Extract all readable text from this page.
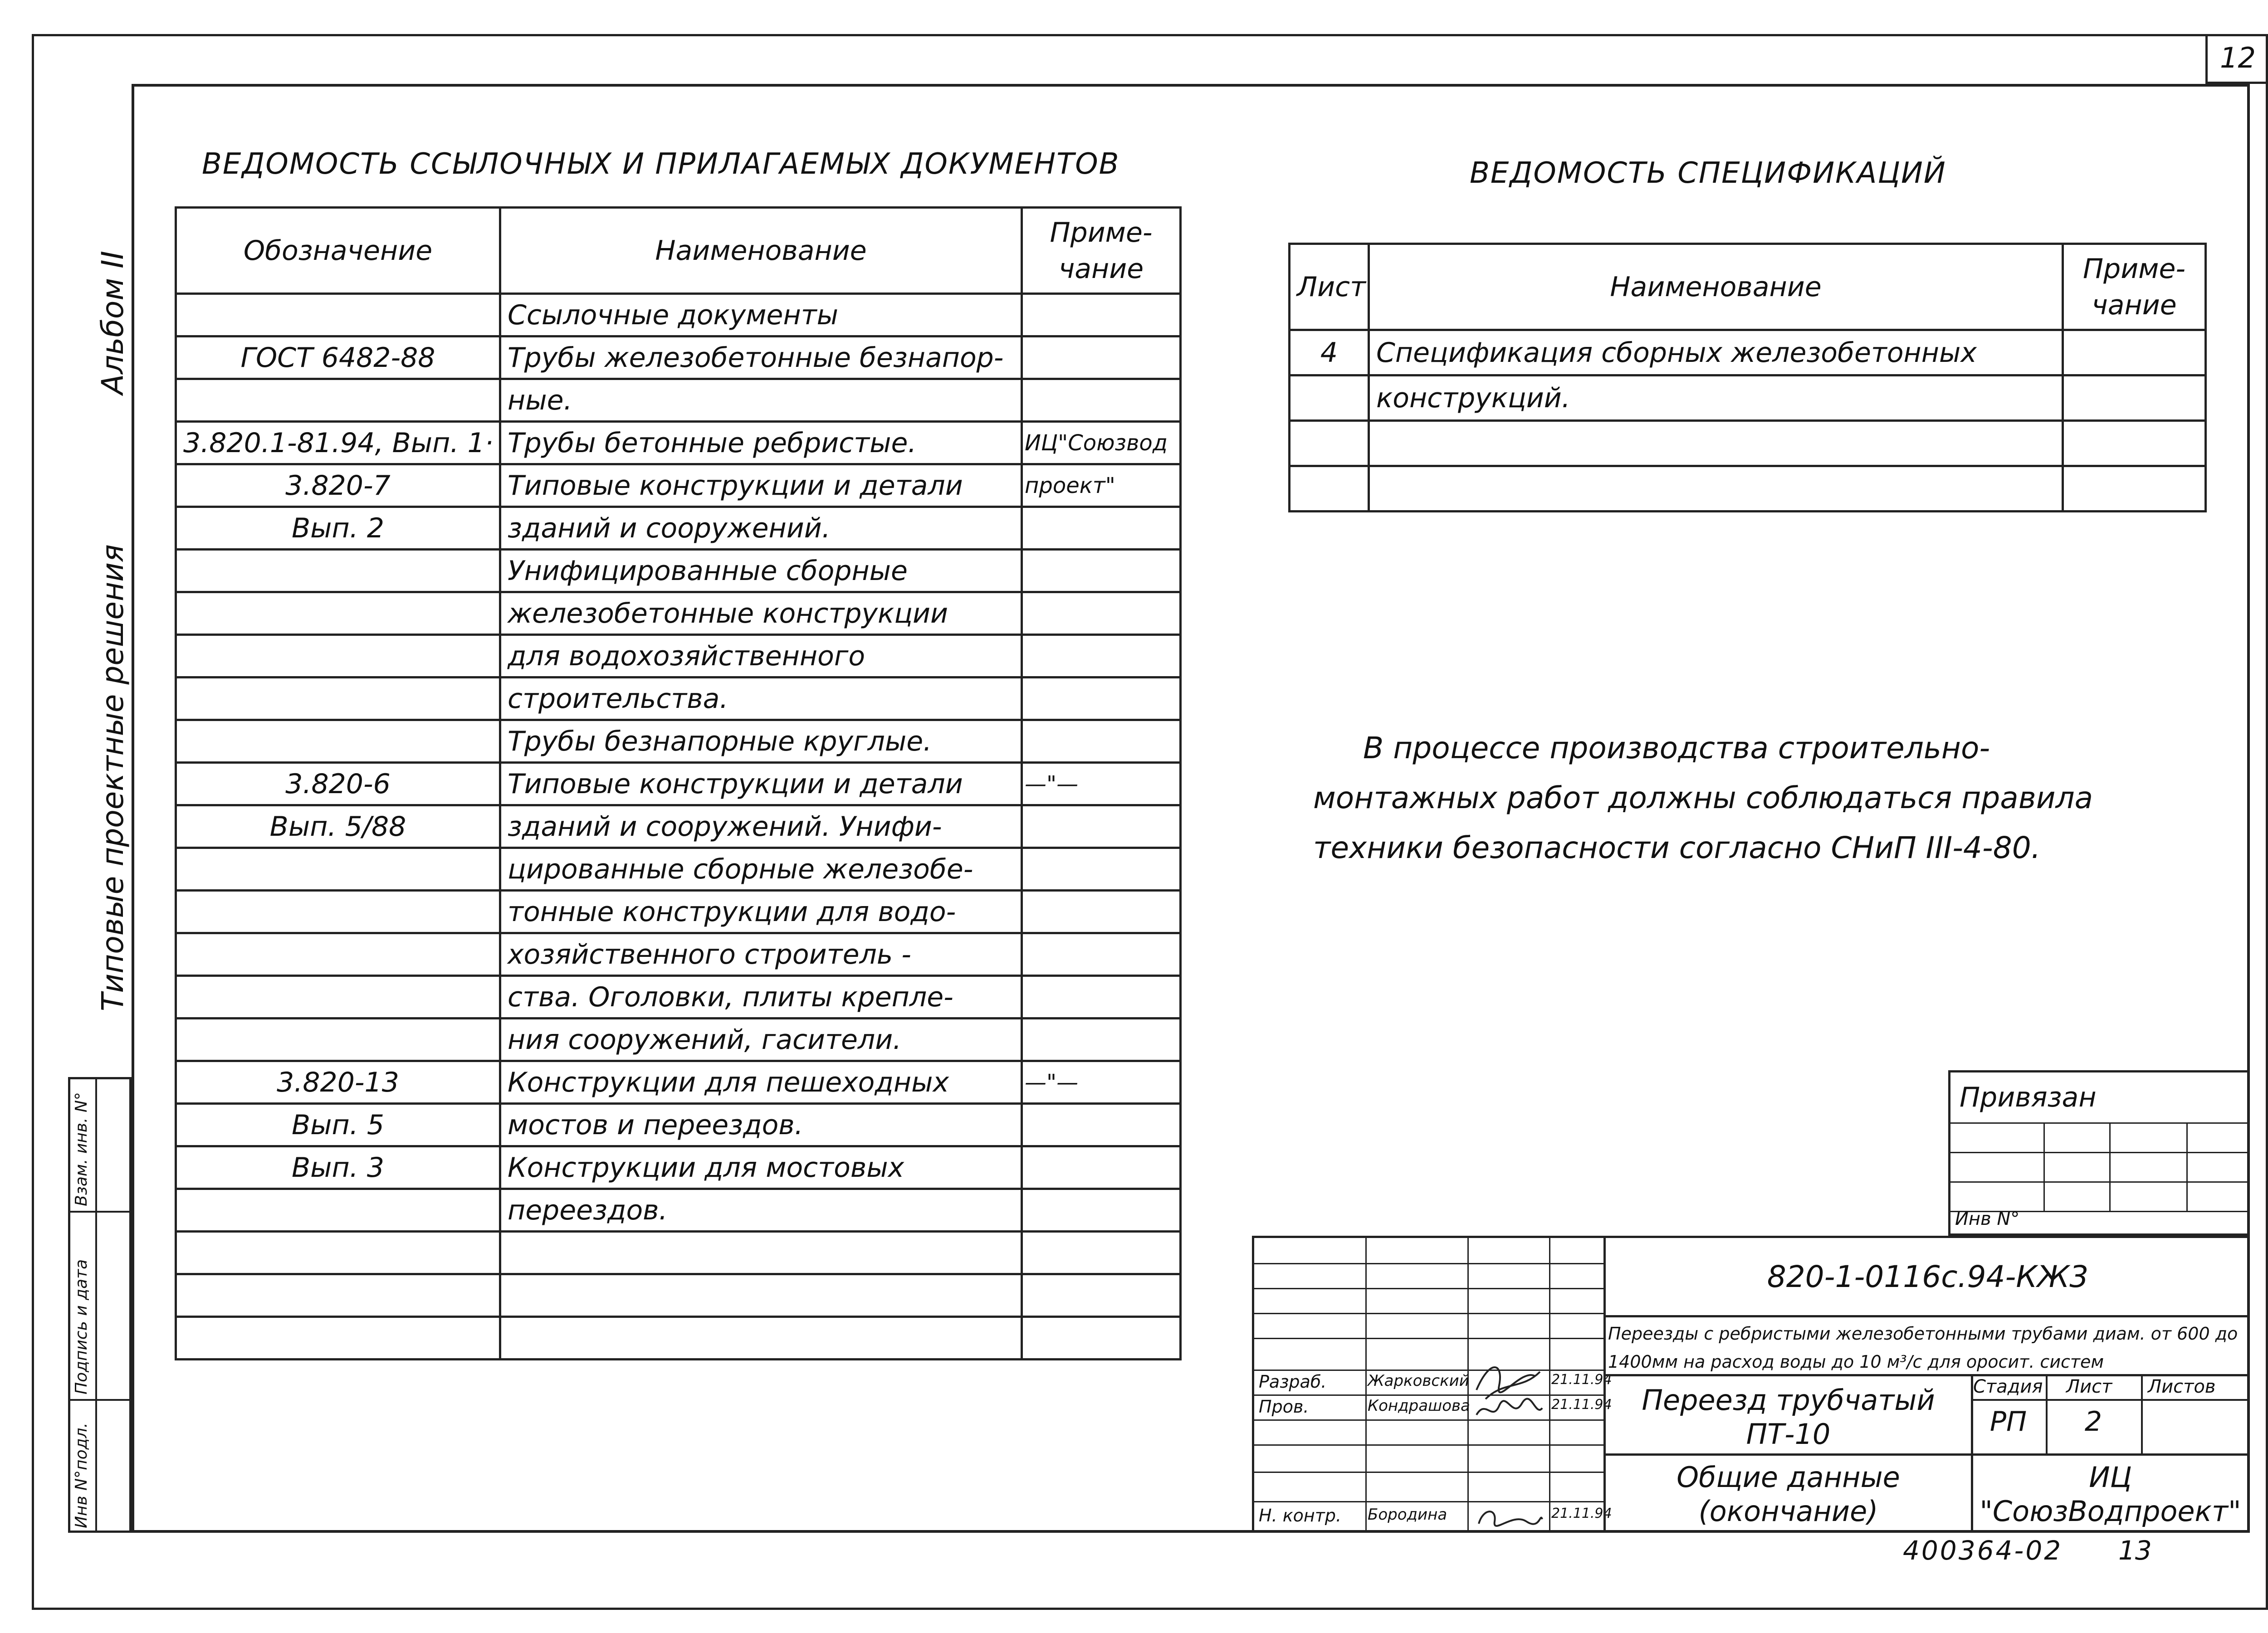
12
Типовые проектные решения
Альбом II
Взам. инв. N°
Подпись и дата
Инв N°подл.
ВЕДОМОСТЬ ССЫЛОЧНЫХ И ПРИЛАГАЕМЫХ ДОКУМЕНТОВ
Обозначение	Наименование	Приме-
чание
	Ссылочные документы	
ГОСТ 6482-88	Трубы железобетонные безнапор-	
	ные.	
3.820.1-81.94, Вып. 1·	Трубы бетонные ребристые.	ИЦ"Союзвод
3.820-7	Типовые конструкции и детали	проект"
Вып. 2	зданий и сооружений.	
	Унифицированные сборные	
	железобетонные конструкции	
	для водохозяйственного	
	строительства.	
	Трубы безнапорные круглые.	
3.820-6	Типовые конструкции и детали	—"—
Вып. 5/88	зданий и сооружений. Унифи-	
	цированные сборные железобе-	
	тонные конструкции для водо-	
	хозяйственного строитель -	
	ства. Оголовки, плиты крепле-	
	ния сооружений, гасители.	
3.820-13	Конструкции для пешеходных	—"—
Вып. 5	мостов и переездов.	
Вып. 3	Конструкции для мостовых	
	переездов.	

ВЕДОМОСТЬ СПЕЦИФИКАЦИЙ
Лист	Наименование	Приме-
чание
4	Спецификация сборных железобетонных	
	конструкций.	

В процессе производства строительно-
монтажных работ должны соблюдаться правила
техники безопасности согласно СНиП III-4-80.
Привязан
Инв N°
Разраб.	Жарковский	21.11.94
Пров.	Кондрашова	21.11.94
Н. контр. Бородина	21.11.94
820-1-0116с.94-КЖ3
Переезды с ребристыми железобетонными трубами диам. от 600 до 1400мм на расход воды до 10 м³/с для оросит. систем
Переезд трубчатый
ПТ-10
Общие данные
(окончание)
Стадия Лист Листов
РП	2
ИЦ
"СоюзВодпроект"
400364-02 13
